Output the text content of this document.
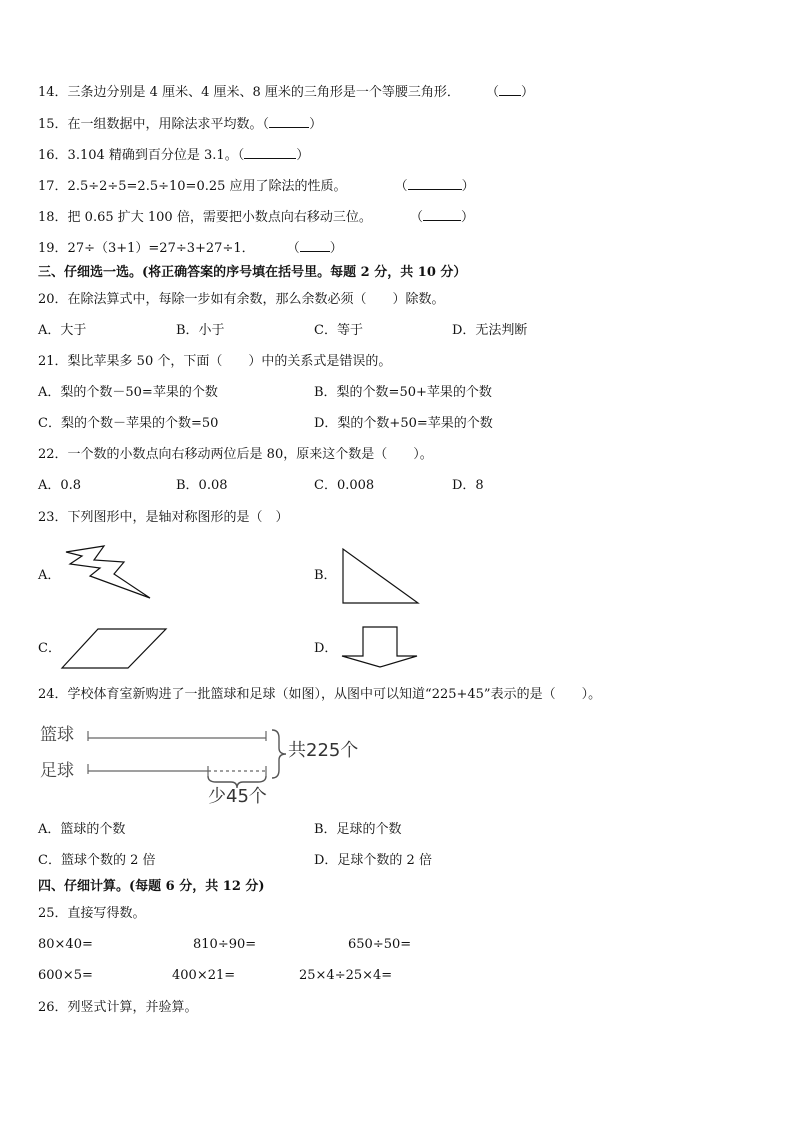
14．三条边分别是 4 厘米、4 厘米、8 厘米的三角形是一个等腰三角形． （ ）
15．在一组数据中，用除法求平均数。（	）
16．3.104 精确到百分位是 3.1。（	）
17．2.5÷2÷5=2.5÷10=0.25 应用了除法的性质。	（	）
18．把 0.65 扩大 100 倍，需要把小数点向右移动三位。	（	）
19．27÷（3+1）=27÷3+27÷1． （ ）
三、仔细选一选。(将正确答案的序号填在括号里。每题 2 分，共 10 分）
20．在除法算式中，每除一步如有余数，那么余数必须（　　）除数。
A．大于	B．小于	C．等于	D．无法判断
21．梨比苹果多 50 个，下面（　　）中的关系式是错误的。
A．梨的个数－50=苹果的个数	B．梨的个数=50+苹果的个数
C．梨的个数－苹果的个数=50	D．梨的个数+50=苹果的个数
22．一个数的小数点向右移动两位后是 80，原来这个数是（　　）。
A．0.8	B．0.08	C．0.008	D．8
23．下列图形中，是轴对称图形的是（　）
A．	B．
C．	D．
24．学校体育室新购进了一批篮球和足球（如图），从图中可以知道“225+45”表示的是（　　）。
篮球
足球
共225个
少45个
A．篮球的个数	B．足球的个数
C．篮球个数的 2 倍	D．足球个数的 2 倍
四、仔细计算。(每题 6 分，共 12 分)
25．直接写得数。
80×40=	810÷90=	650÷50=
600×5=	400×21=	25×4÷25×4=
26．列竖式计算，并验算。
